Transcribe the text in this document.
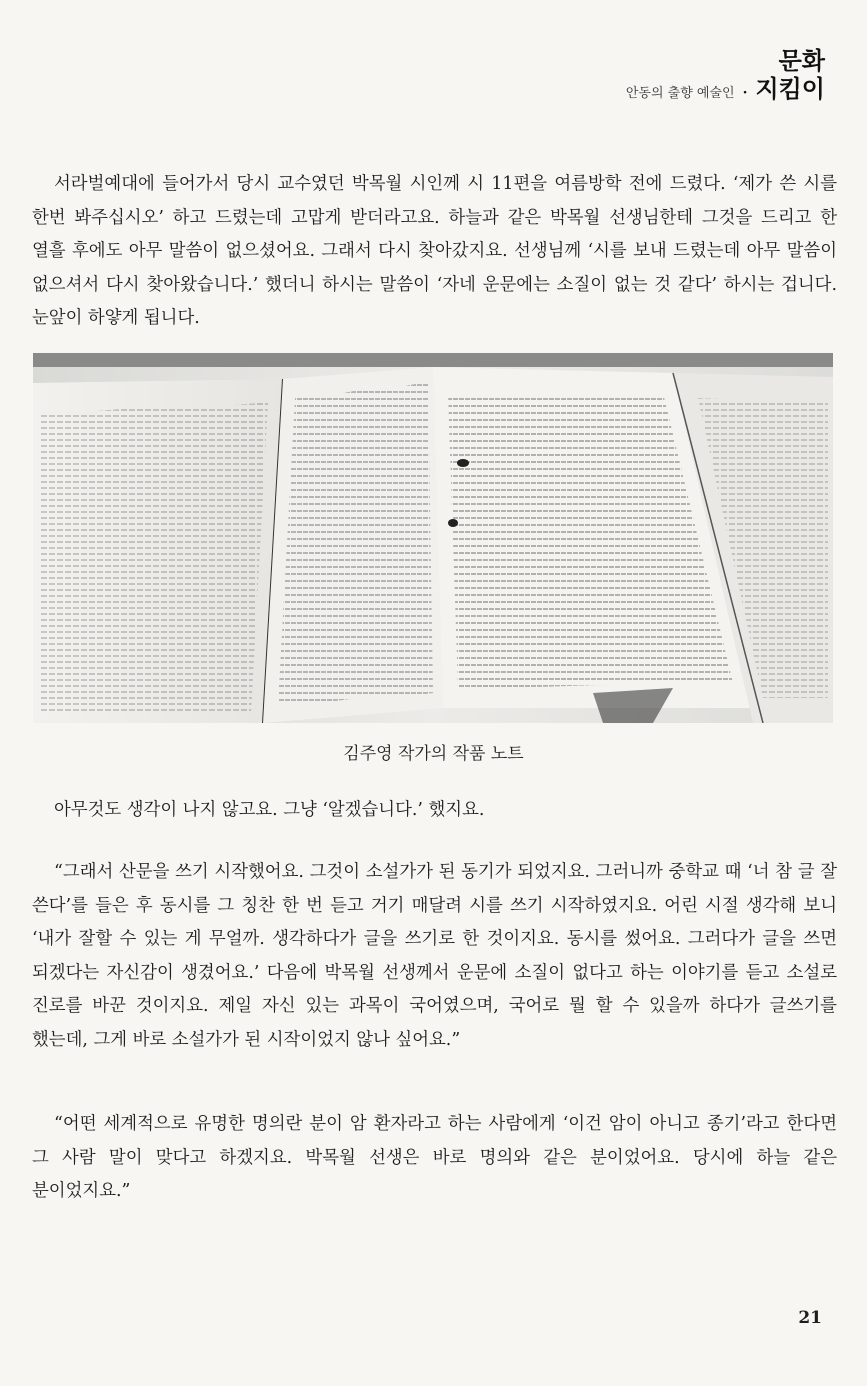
문화
안동의 출향 예술인 · 지킴이

서라벌예대에 들어가서 당시 교수였던 박목월 시인께 시 11편을 여름방학 전에 드렸다. ‘제가 쓴 시를 한번 봐주십시오’ 하고 드렸는데 고맙게 받더라고요. 하늘과 같은 박목월 선생님한테 그것을 드리고 한 열흘 후에도 아무 말씀이 없으셨어요. 그래서 다시 찾아갔지요. 선생님께 ‘시를 보내 드렸는데 아무 말씀이 없으셔서 다시 찾아왔습니다.’ 했더니 하시는 말씀이 ‘자네 운문에는 소질이 없는 것 같다’ 하시는 겁니다. 눈앞이 하얗게 됩니다.

김주영 작가의 작품 노트

아무것도 생각이 나지 않고요. 그냥 ‘알겠습니다.’ 했지요.

“그래서 산문을 쓰기 시작했어요. 그것이 소설가가 된 동기가 되었지요. 그러니까 중학교 때 ‘너 참 글 잘 쓴다’를 들은 후 동시를 그 칭찬 한 번 듣고 거기 매달려 시를 쓰기 시작하였지요. 어린 시절 생각해 보니 ‘내가 잘할 수 있는 게 무얼까. 생각하다가 글을 쓰기로 한 것이지요. 동시를 썼어요. 그러다가 글을 쓰면 되겠다는 자신감이 생겼어요.’ 다음에 박목월 선생께서 운문에 소질이 없다고 하는 이야기를 듣고 소설로 진로를 바꾼 것이지요. 제일 자신 있는 과목이 국어였으며, 국어로 뭘 할 수 있을까 하다가 글쓰기를 했는데, 그게 바로 소설가가 된 시작이었지 않나 싶어요.”

“어떤 세계적으로 유명한 명의란 분이 암 환자라고 하는 사람에게 ‘이건 암이 아니고 종기’라고 한다면 그 사람 말이 맞다고 하겠지요. 박목월 선생은 바로 명의와 같은 분이었어요. 당시에 하늘 같은 분이었지요.”

21
